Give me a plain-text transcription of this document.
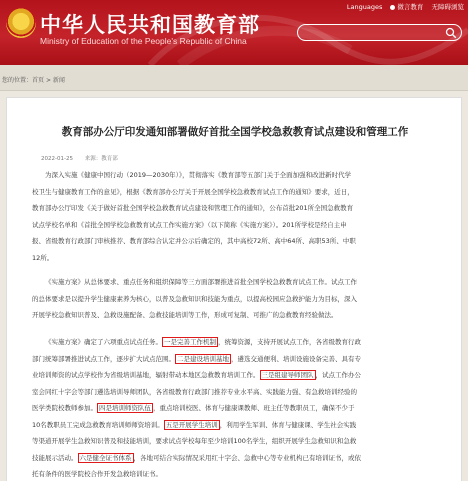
中华人民共和国教育部
Ministry of Education of the People's Republic of China
Languages 微言教育 无障碍浏览
您的位置：首页 > 新闻
教育部办公厅印发通知部署做好首批全国学校急救教育试点建设和管理工作
2022-01-25 来源：教育部
为深入实施《健康中国行动（2019—2030年）》，贯彻落实《教育部等五部门关于全面加强和改进新时代学
校卫生与健康教育工作的意见》，根据《教育部办公厅关于开展全国学校急救教育试点工作的通知》要求，近日，
教育部办公厅印发《关于做好首批全国学校急救教育试点建设和管理工作的通知》，公布首批201所全国急救教育
试点学校名单和《首批全国学校急救教育试点工作实施方案》（以下简称《实施方案》）。201所学校是经自主申
报、省级教育行政部门审核推荐、教育部综合认定并公示后确定的，其中高校72所、高中64所、高职53所、中职
12所。
《实施方案》从总体要求、重点任务和组织保障等三方面部署推进首批全国学校急救教育试点工作。试点工作
的总体要求是以提升学生健康素养为核心，以普及急救知识和技能为重点，以提高校园应急救护能力为目标，深入
开展学校急救知识普及、急救设施配备、急救技能培训等工作，形成可复制、可推广的急救教育经验做法。
《实施方案》确定了六项重点试点任务。 一是完善工作机制 ，统筹资源，支持开展试点工作，各省级教育行政
部门统筹部署推进试点工作，逐步扩大试点范围。 二是建设培训基地 ，遴选交通便利、培训设施设备完善、具有专
业培训师资的试点学校作为省级培训基地，辐射带动本地区急救教育培训工作。 三是组建导师团队 ，试点工作办公
室会同红十字会等部门遴选培训导师团队，各省级教育行政部门推荐专业水平高、实践能力强、有急救培训经验的
医学类院校教师参加。 四是培训师资队伍 ，重点培训校医、体育与健康课教师、班主任等教职员工，确保不少于
10名教职员工完成急救教育培训师师资培训。 五是开展学生培训 ，利用学生军训、体育与健康课、学生社会实践
等渠道开展学生急救知识普及和技能培训，要求试点学校每年至少培训100名学生，组织开展学生急救知识和急救
技能展示活动。 六是健全证书体系 ，各地可结合实际情况采用红十字会、急救中心等专业机构已有培训证书，或依
托有条件的医学院校合作开发急救培训证书。
